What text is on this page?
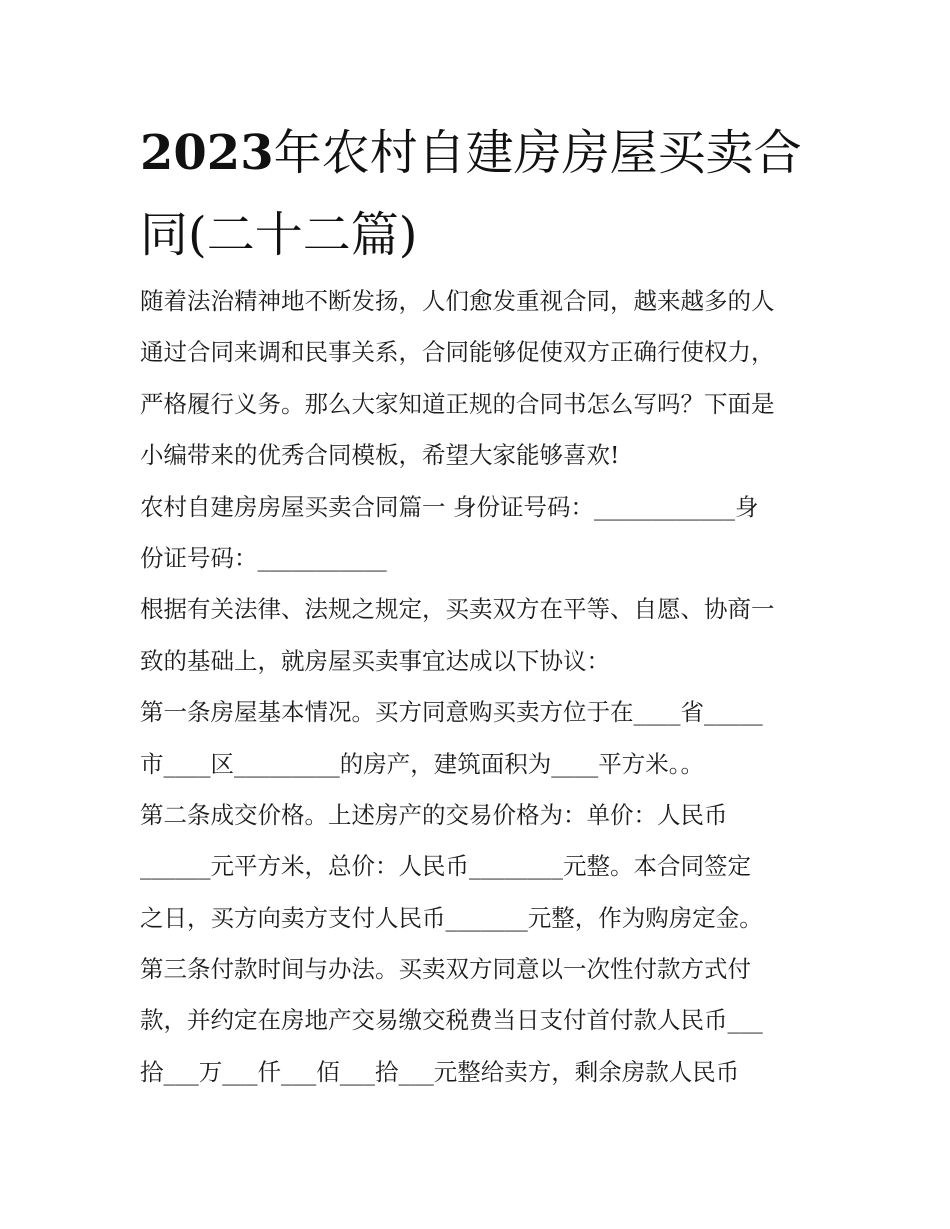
2023年农村自建房房屋买卖合同(二十二篇)
随着法治精神地不断发扬，人们愈发重视合同，越来越多的人
通过合同来调和民事关系，合同能够促使双方正确行使权力，
严格履行义务。那么大家知道正规的合同书怎么写吗？下面是
小编带来的优秀合同模板，希望大家能够喜欢!
农村自建房房屋买卖合同篇一 身份证号码：____________身
份证号码：___________
根据有关法律、法规之规定，买卖双方在平等、自愿、协商一
致的基础上，就房屋买卖事宜达成以下协议：
第一条房屋基本情况。买方同意购买卖方位于在____省_____
市____区_________的房产，建筑面积为____平方米。。
第二条成交价格。上述房产的交易价格为：单价：人民币
______元平方米，总价：人民币________元整。本合同签定
之日，买方向卖方支付人民币_______元整，作为购房定金。
第三条付款时间与办法。买卖双方同意以一次性付款方式付
款，并约定在房地产交易缴交税费当日支付首付款人民币___
拾___万___仟___佰___拾___元整给卖方，剩余房款人民币
